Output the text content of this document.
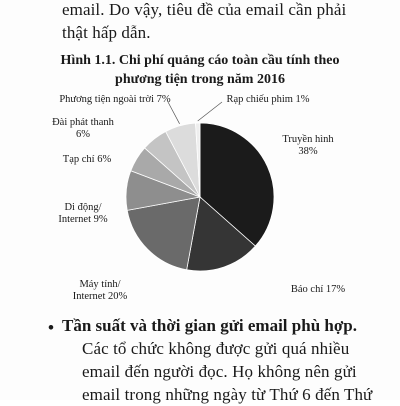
email. Do vậy, tiêu đề của email cần phải
thật hấp dẫn.
Hình 1.1. Chi phí quảng cáo toàn cầu tính theo
phương tiện trong năm 2016
Truyền hình 38%
Báo chí 17%
Máy tính/ Internet 20%
Di động/ Internet 9%
Tạp chí 6%
Đài phát thanh 6%
Phương tiện ngoài trời 7%	Rạp chiếu phim 1%
• Tần suất và thời gian gửi email phù hợp.
Các tổ chức không được gửi quá nhiều
email đến người đọc. Họ không nên gửi
email trong những ngày từ Thứ 6 đến Thứ
